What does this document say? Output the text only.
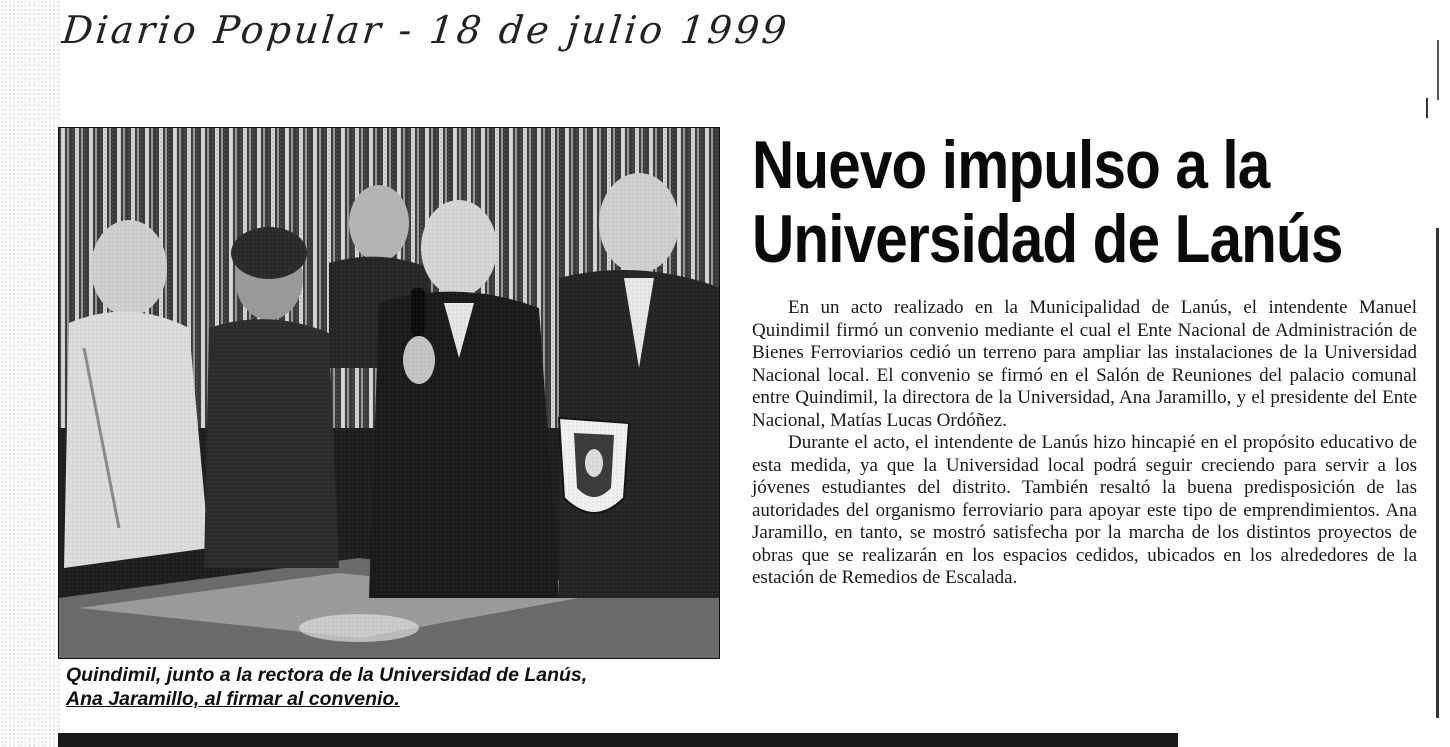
Diario Popular - 18 de julio 1999
Quindimil, junto a la rectora de la Universidad de Lanús,
Ana Jaramillo, al firmar al convenio.
Nuevo impulso a la
Universidad de Lanús

En un acto realizado en la Municipalidad de Lanús, el intendente Manuel Quindimil firmó un convenio mediante el cual el Ente Nacional de Administración de Bienes Ferroviarios cedió un terreno para ampliar las instalaciones de la Universidad Nacional local. El convenio se firmó en el Salón de Reuniones del palacio comunal entre Quindimil, la directora de la Universidad, Ana Jaramillo, y el presidente del Ente Nacional, Matías Lucas Ordóñez.

Durante el acto, el intendente de Lanús hizo hincapié en el propósito educativo de esta medida, ya que la Universidad local podrá seguir creciendo para servir a los jóvenes estudiantes del distrito. También resaltó la buena predisposición de las autoridades del organismo ferroviario para apoyar este tipo de emprendimientos. Ana Jaramillo, en tanto, se mostró satisfecha por la marcha de los distintos proyectos de obras que se realizarán en los espacios cedidos, ubicados en los alrededores de la estación de Remedios de Escalada.
